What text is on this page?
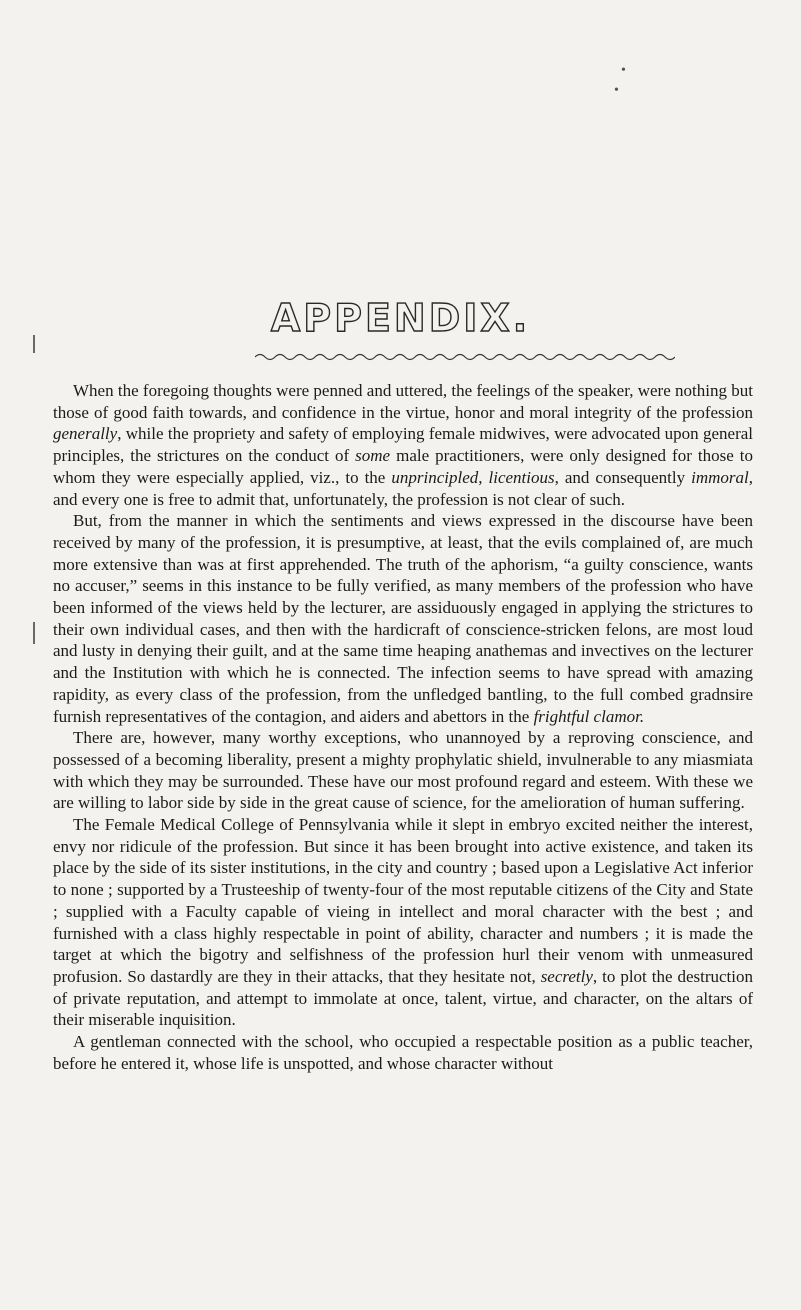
•
•
APPENDIX.

When the foregoing thoughts were penned and uttered, the feelings of the speaker, were nothing but those of good faith towards, and confidence in the virtue, honor and moral integrity of the profession generally, while the propriety and safety of employing female midwives, were advocated upon general principles, the strictures on the conduct of some male practitioners, were only designed for those to whom they were especially applied, viz., to the unprincipled, licentious, and consequently immoral, and every one is free to admit that, unfortunately, the profession is not clear of such.

But, from the manner in which the sentiments and views expressed in the discourse have been received by many of the profession, it is presumptive, at least, that the evils complained of, are much more extensive than was at first apprehended. The truth of the aphorism, “a guilty conscience, wants no accuser,” seems in this instance to be fully verified, as many members of the profession who have been informed of the views held by the lecturer, are assiduously engaged in applying the strictures to their own individual cases, and then with the hardicraft of conscience-stricken felons, are most loud and lusty in denying their guilt, and at the same time heaping anathemas and invectives on the lecturer and the Institution with which he is connected. The infection seems to have spread with amazing rapidity, as every class of the profession, from the unfledged bantling, to the full combed gradnsire furnish representatives of the contagion, and aiders and abettors in the frightful clamor.

There are, however, many worthy exceptions, who unannoyed by a reproving conscience, and possessed of a becoming liberality, present a mighty prophylatic shield, invulnerable to any miasmiata with which they may be surrounded. These have our most profound regard and esteem. With these we are willing to labor side by side in the great cause of science, for the amelioration of human suffering.

The Female Medical College of Pennsylvania while it slept in embryo excited neither the interest, envy nor ridicule of the profession. But since it has been brought into active existence, and taken its place by the side of its sister institutions, in the city and country ; based upon a Legislative Act inferior to none ; supported by a Trusteeship of twenty-four of the most reputable citizens of the City and State ; supplied with a Faculty capable of vieing in intellect and moral character with the best ; and furnished with a class highly respectable in point of ability, character and numbers ; it is made the target at which the bigotry and selfishness of the profession hurl their venom with unmeasured profusion. So dastardly are they in their attacks, that they hesitate not, secretly, to plot the destruction of private reputation, and attempt to immolate at once, talent, virtue, and character, on the altars of their miserable inquisition.

A gentleman connected with the school, who occupied a respectable position as a public teacher, before he entered it, whose life is unspotted, and whose character without
